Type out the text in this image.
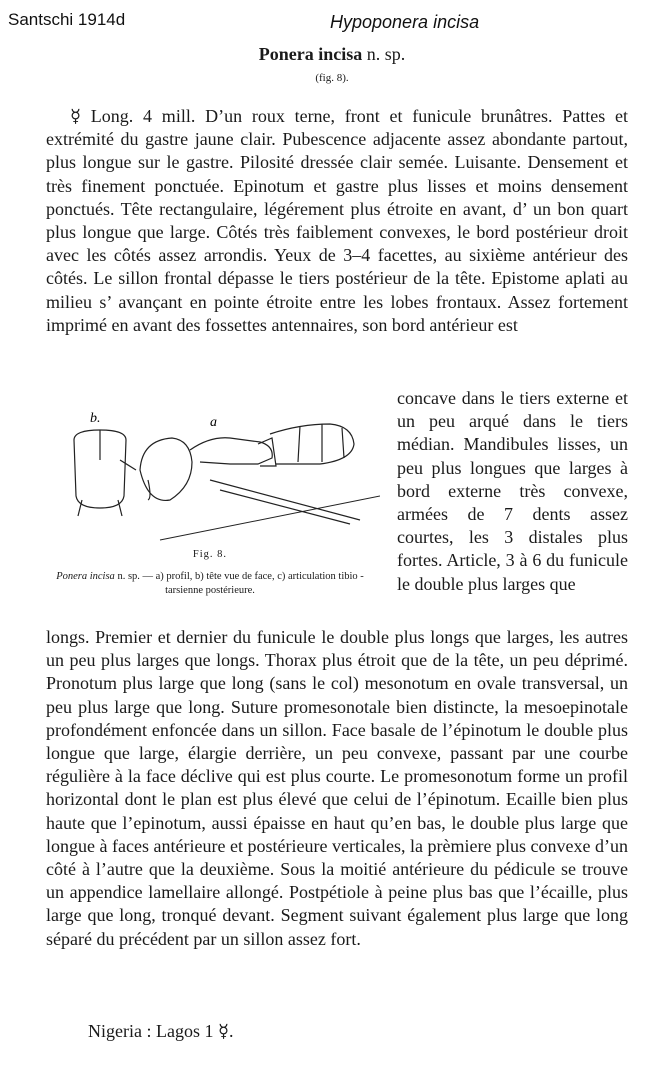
Santschi 1914d	Hypoponera incisa
Ponera incisa n. sp.
(fig. 8).
☿ Long. 4 mill. D’un roux terne, front et funicule brunâtres. Pattes et extrémité du gastre jaune clair. Pubescence adjacente assez abondante partout, plus longue sur le gastre. Pilosité dressée clair semée. Luisante. Densement et très finement ponctuée. Epinotum et gastre plus lisses et moins densement ponctués. Tête rectangulaire, légérement plus étroite en avant, d’ un bon quart plus longue que large. Côtés très faiblement convexes, le bord postérieur droit avec les côtés assez arrondis. Yeux de 3–4 facettes, au sixième antérieur des côtés. Le sillon frontal dépasse le tiers postérieur de la tête. Epistome aplati au milieu s’ avançant en pointe étroite entre les lobes frontaux. Assez fortement imprimé en avant des fossettes antennaires, son bord antérieur est
concave dans le tiers externe et un peu arqué dans le tiers médian. Mandibules lisses, un peu plus longues que larges à bord externe très convexe, armées de 7 dents assez courtes, les 3 distales plus fortes. Article, 3 à 6 du funicule le double plus larges que
longs. Premier et dernier du funicule le double plus longs que larges, les autres un peu plus larges que longs. Thorax plus étroit que de la tête, un peu déprimé. Pronotum plus large que long (sans le col) mesonotum en ovale transversal, un peu plus large que long. Suture promesonotale bien distincte, la mesoepinotale profondément enfoncée dans un sillon. Face basale de l’épinotum le double plus longue que large, élargie derrière, un peu convexe, passant par une courbe régulière à la face déclive qui est plus courte. Le promesonotum forme un profil horizontal dont le plan est plus élevé que celui de l’épinotum. Ecaille bien plus haute que l’epinotum, aussi épaisse en haut qu’en bas, le double plus large que longue à faces antérieure et postérieure verticales, la prèmiere plus convexe d’un côté à l’autre que la deuxième. Sous la moitié antérieure du pédicule se trouve un appendice lamellaire allongé. Postpétiole à peine plus bas que l’écaille, plus large que long, tronqué devant. Segment suivant également plus large que long séparé du précédent par un sillon assez fort.
Nigeria : Lagos 1 ☿.
b.	a
Fig. 8.
Ponera incisa n. sp. — a) profil, b) tête vue de face, c) articulation tibio - tarsienne postérieure.
